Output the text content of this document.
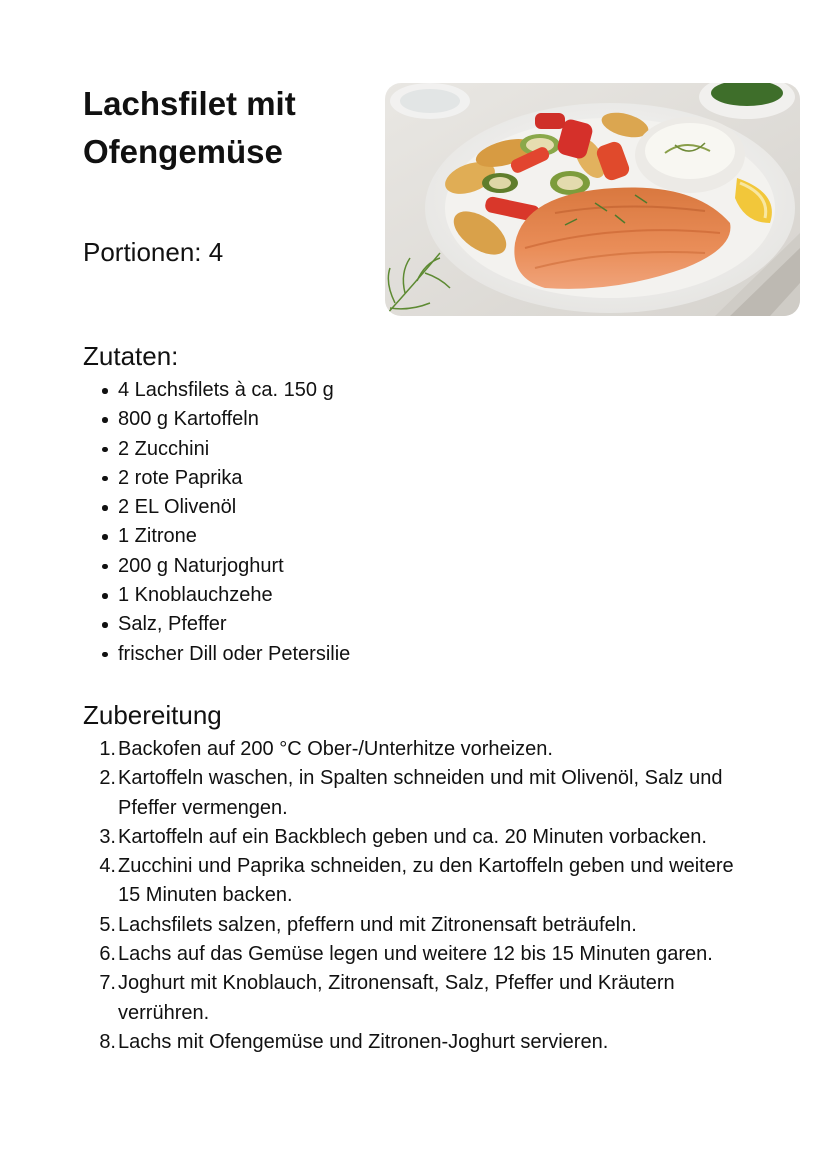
Lachsfilet mit Ofengemüse
Portionen: 4
Zutaten:
4 Lachsfilets à ca. 150 g
800 g Kartoffeln
2 Zucchini
2 rote Paprika
2 EL Olivenöl
1 Zitrone
200 g Naturjoghurt
1 Knoblauchzehe
Salz, Pfeffer
frischer Dill oder Petersilie
Zubereitung
1. Backofen auf 200 °C Ober-/Unterhitze vorheizen.
2. Kartoffeln waschen, in Spalten schneiden und mit Olivenöl, Salz und Pfeffer vermengen.
3. Kartoffeln auf ein Backblech geben und ca. 20 Minuten vorbacken.
4. Zucchini und Paprika schneiden, zu den Kartoffeln geben und weitere 15 Minuten backen.
5. Lachsfilets salzen, pfeffern und mit Zitronensaft beträufeln.
6. Lachs auf das Gemüse legen und weitere 12 bis 15 Minuten garen.
7. Joghurt mit Knoblauch, Zitronensaft, Salz, Pfeffer und Kräutern verrühren.
8. Lachs mit Ofengemüse und Zitronen-Joghurt servieren.
